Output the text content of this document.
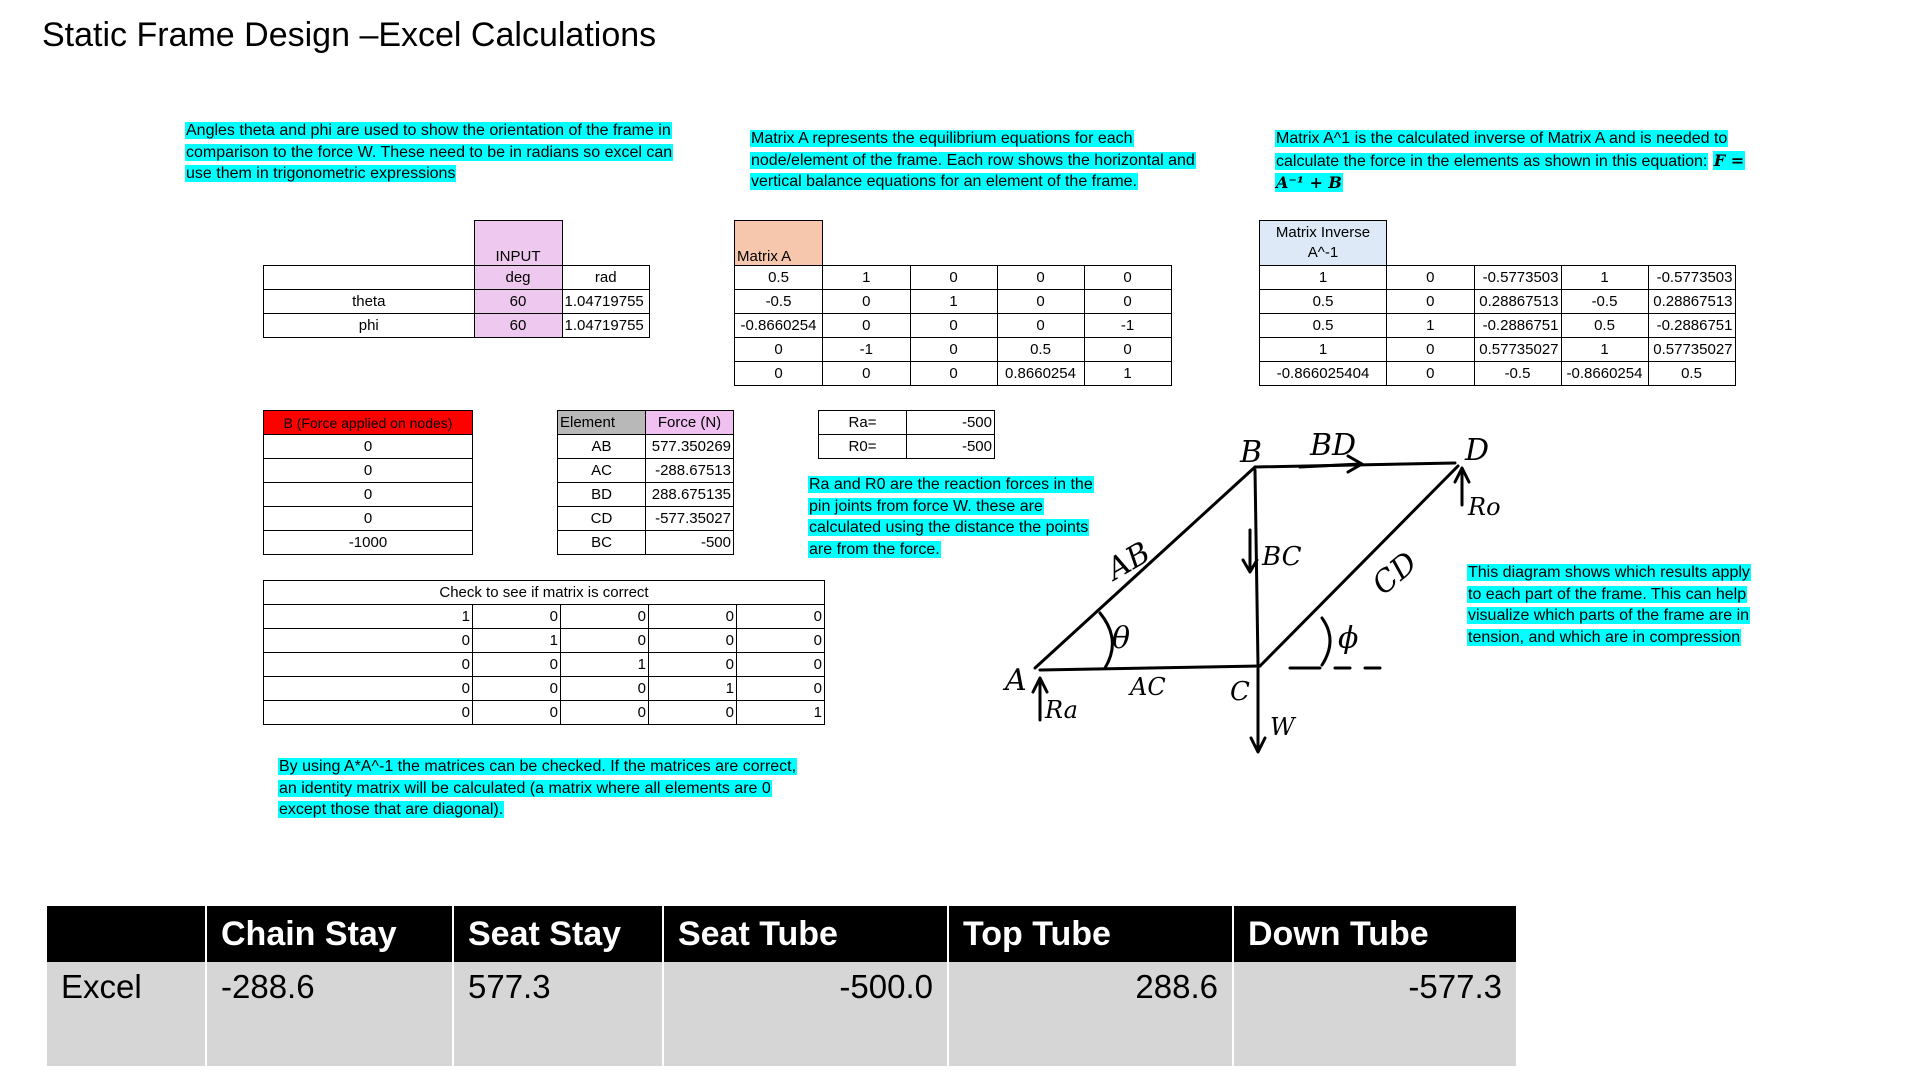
Static Frame Design –Excel Calculations
Angles theta and phi are used to show the orientation of the frame in comparison to the force W. These need to be in radians so excel can use them in trigonometric expressions
Matrix A represents the equilibrium equations for each node/element of the frame. Each row shows the horizontal and vertical balance equations for an element of the frame.
Matrix A^1 is the calculated inverse of Matrix A and is needed to calculate the force in the elements as shown in this equation: F = A⁻¹ + B
Ra and R0 are the reaction forces in the pin joints from force W. these are calculated using the distance the points are from the force.
This diagram shows which results apply to each part of the frame. This can help visualize which parts of the frame are in tension, and which are in compression
By using A*A^-1 the matrices can be checked. If the matrices are correct, an identity matrix will be calculated (a matrix where all elements are 0 except those that are diagonal).
	INPUT	
	deg	rad
theta	60	1.04719755
phi	60	1.04719755
Matrix A				
0.5	1	0	0	0
-0.5	0	1	0	0
-0.8660254	0	0	0	-1
0	-1	0	0.5	0
0	0	0	0.8660254	1
Matrix Inverse
A^-1				

1	0	-0.5773503	1	-0.5773503
0.5	0	0.28867513	-0.5	0.28867513
0.5	1	-0.2886751	0.5	-0.2886751
1	0	0.57735027	1	0.57735027
-0.866025404	0	-0.5	-0.8660254	0.5
B (Force applied on nodes)
0
0
0
0
-1000
Element	Force (N)
AB	577.350269
AC	-288.67513
BD	288.675135
CD	-577.35027
BC	-500
Ra=	-500
R0=	-500
Check to see if matrix is correct				
1	0	0	0	0
0	1	0	0	0
0	0	1	0	0
0	0	0	1	0
0	0	0	0	1
A
B
C
D
AB
BD
BC CD
AC
θ	ϕ
Ra
Ro
W
	Chain Stay	Seat Stay	Seat Tube	Top Tube	Down Tube
Excel	-288.6	577.3	-500.0	288.6	-577.3
